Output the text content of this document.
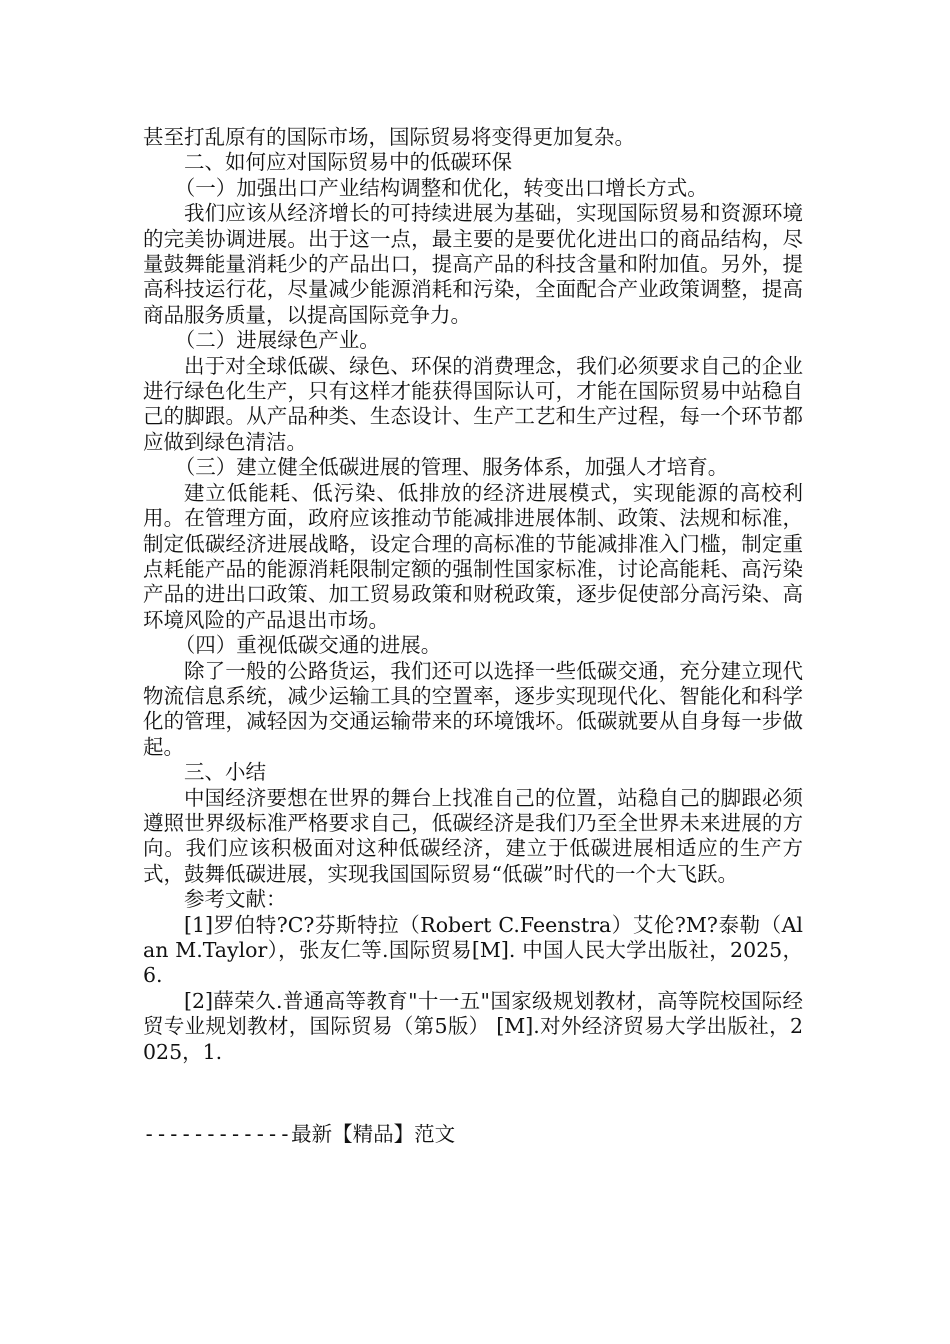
甚至打乱原有的国际市场，国际贸易将变得更加复杂。

二、如何应对国际贸易中的低碳环保

（一）加强出口产业结构调整和优化，转变出口增长方式。

我们应该从经济增长的可持续进展为基础，实现国际贸易和资源环境的完美协调进展。出于这一点，最主要的是要优化进出口的商品结构，尽量鼓舞能量消耗少的产品出口，提高产品的科技含量和附加值。另外，提高科技运行花，尽量减少能源消耗和污染，全面配合产业政策调整，提高商品服务质量，以提高国际竞争力。

（二）进展绿色产业。

出于对全球低碳、绿色、环保的消费理念，我们必须要求自己的企业进行绿色化生产，只有这样才能获得国际认可，才能在国际贸易中站稳自己的脚跟。从产品种类、生态设计、生产工艺和生产过程，每一个环节都应做到绿色清洁。

（三）建立健全低碳进展的管理、服务体系，加强人才培育。

建立低能耗、低污染、低排放的经济进展模式，实现能源的高校利用。在管理方面，政府应该推动节能减排进展体制、政策、法规和标准，制定低碳经济进展战略，设定合理的高标准的节能减排准入门槛，制定重点耗能产品的能源消耗限制定额的强制性国家标准，讨论高能耗、高污染产品的进出口政策、加工贸易政策和财税政策，逐步促使部分高污染、高环境风险的产品退出市场。

（四）重视低碳交通的进展。

除了一般的公路货运，我们还可以选择一些低碳交通，充分建立现代物流信息系统，减少运输工具的空置率，逐步实现现代化、智能化和科学化的管理，减轻因为交通运输带来的环境饿坏。低碳就要从自身每一步做起。

三、小结

中国经济要想在世界的舞台上找准自己的位置，站稳自己的脚跟必须遵照世界级标准严格要求自己，低碳经济是我们乃至全世界未来进展的方向。我们应该积极面对这种低碳经济，建立于低碳进展相适应的生产方式，鼓舞低碳进展，实现我国国际贸易“低碳”时代的一个大飞跃。

参考文献：

[1]罗伯特?C?芬斯特拉（Robert C.Feenstra）艾伦?M?泰勒（Alan M.Taylor），张友仁等.国际贸易[M]. 中国人民大学出版社，2025，6.

[2]薛荣久.普通高等教育"十一五"国家级规划教材，高等院校国际经贸专业规划教材，国际贸易（第5版） [M].对外经济贸易大学出版社，2025，1.

------------最新【精品】范文
